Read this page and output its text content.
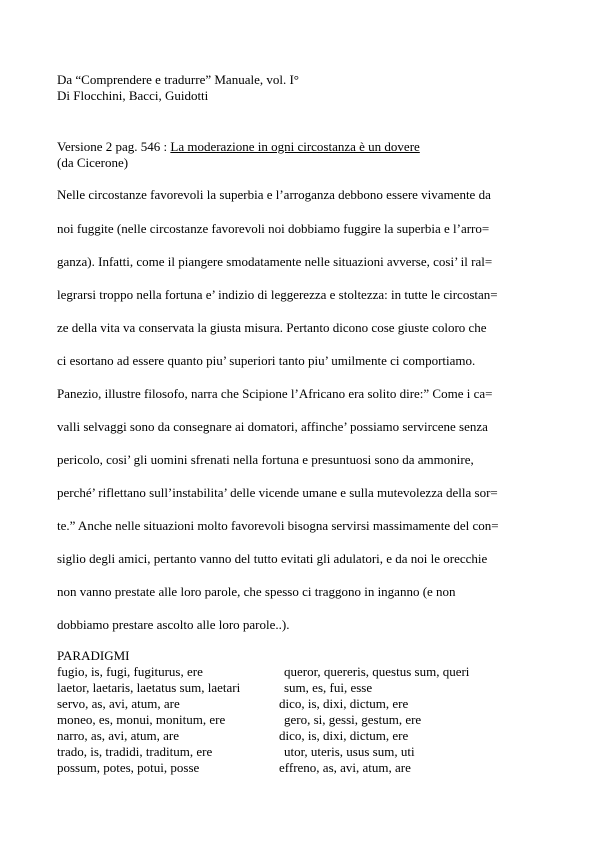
Da “Comprendere e tradurre” Manuale, vol. I°
Di Flocchini, Bacci, Guidotti
Versione 2 pag. 546 : La moderazione in ogni circostanza è un dovere
(da Cicerone)
Nelle circostanze favorevoli la superbia e l’arroganza debbono essere vivamente da
noi fuggite (nelle circostanze favorevoli noi dobbiamo fuggire la superbia e l’arro=
ganza). Infatti, come il piangere smodatamente nelle situazioni avverse, cosi’ il ral=
legrarsi troppo nella fortuna e’ indizio di leggerezza e stoltezza: in tutte le circostan=
ze della vita va conservata la giusta misura. Pertanto dicono cose giuste coloro che
ci esortano ad essere quanto piu’ superiori tanto piu’ umilmente ci comportiamo.
Panezio, illustre filosofo, narra che Scipione l’Africano era solito dire:” Come i ca=
valli selvaggi sono da consegnare ai domatori, affinche’ possiamo servircene senza
pericolo, cosi’ gli uomini sfrenati nella fortuna e presuntuosi sono da ammonire,
perché’ riflettano sull’instabilita’ delle vicende umane e sulla mutevolezza della sor=
te.” Anche nelle situazioni molto favorevoli bisogna servirsi massimamente del con=
siglio degli amici, pertanto vanno del tutto evitati gli adulatori, e da noi le orecchie
non vanno prestate alle loro parole, che spesso ci traggono in inganno (e non
dobbiamo prestare ascolto alle loro parole..).
PARADIGMI
fugio, is, fugi, fugiturus, ere
laetor, laetaris, laetatus sum, laetari
servo, as, avi, atum, are
moneo, es, monui, monitum, ere
narro, as, avi, atum, are
trado, is, tradidi, traditum, ere
possum, potes, potui, posse
queror, quereris, questus sum, queri
sum, es, fui, esse
dico, is, dixi, dictum, ere
gero, si, gessi, gestum, ere
dico, is, dixi, dictum, ere
utor, uteris, usus sum, uti
effreno, as, avi, atum, are
